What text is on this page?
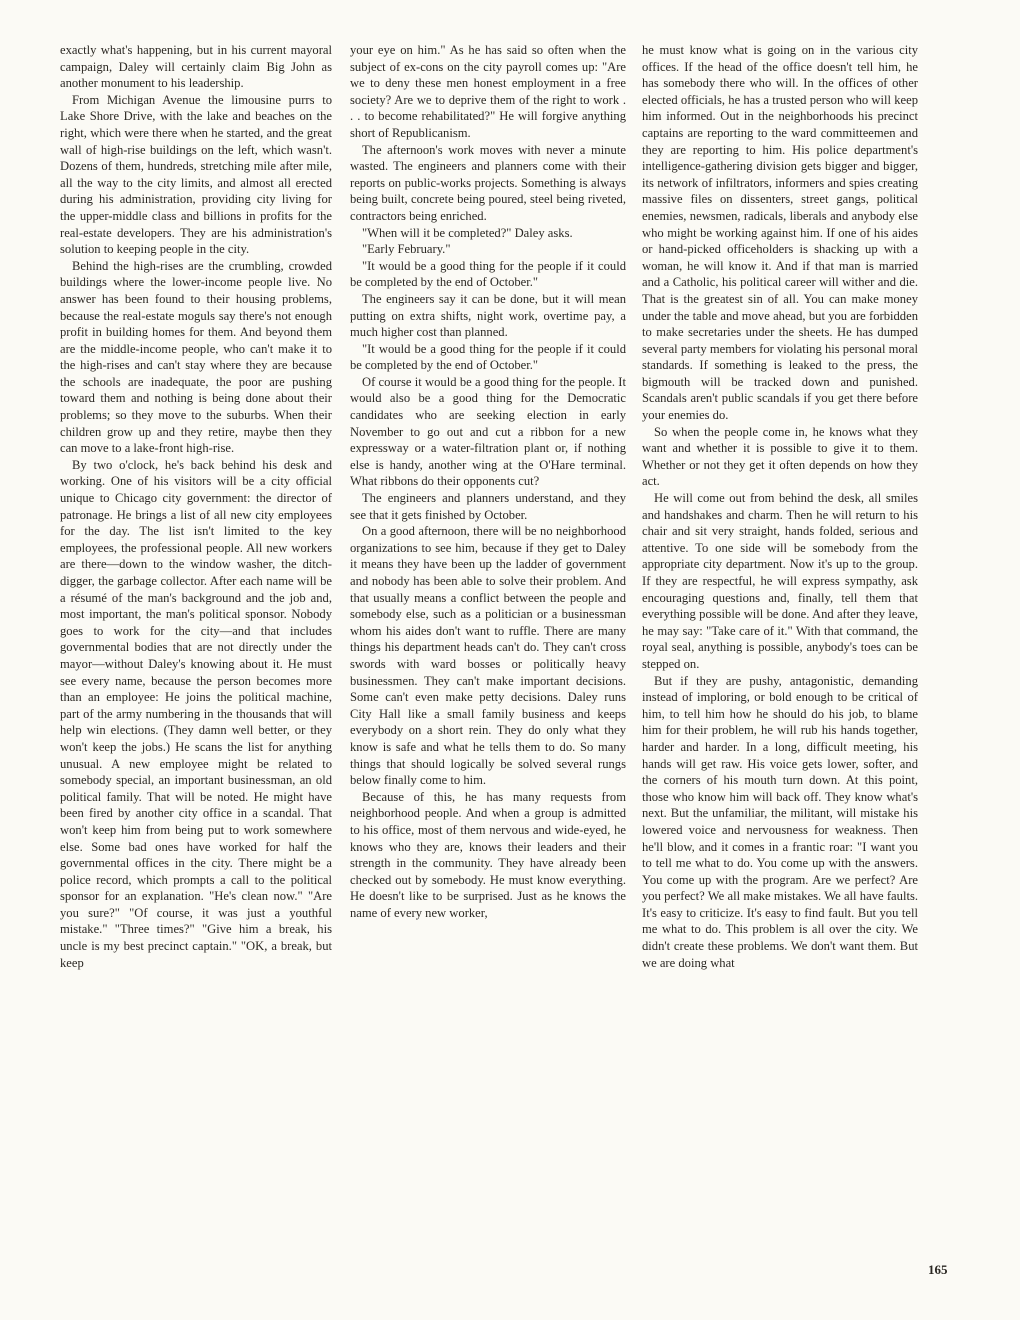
exactly what's happening, but in his current mayoral campaign, Daley will certainly claim Big John as another monument to his leadership.

From Michigan Avenue the limousine purrs to Lake Shore Drive, with the lake and beaches on the right, which were there when he started, and the great wall of high-rise buildings on the left, which wasn't. Dozens of them, hundreds, stretching mile after mile, all the way to the city limits, and almost all erected during his administration, providing city living for the upper-middle class and billions in profits for the real-estate developers. They are his administration's solution to keeping people in the city.

Behind the high-rises are the crumbling, crowded buildings where the lower-income people live. No answer has been found to their housing problems, because the real-estate moguls say there's not enough profit in building homes for them. And beyond them are the middle-income people, who can't make it to the high-rises and can't stay where they are because the schools are inadequate, the poor are pushing toward them and nothing is being done about their problems; so they move to the suburbs. When their children grow up and they retire, maybe then they can move to a lake-front high-rise.

By two o'clock, he's back behind his desk and working. One of his visitors will be a city official unique to Chicago city government: the director of patronage. He brings a list of all new city employees for the day. The list isn't limited to the key employees, the professional people. All new workers are there—down to the window washer, the ditch-digger, the garbage collector. After each name will be a résumé of the man's background and the job and, most important, the man's political sponsor. Nobody goes to work for the city—and that includes governmental bodies that are not directly under the mayor—without Daley's knowing about it. He must see every name, because the person becomes more than an employee: He joins the political machine, part of the army numbering in the thousands that will help win elections. (They damn well better, or they won't keep the jobs.) He scans the list for anything unusual. A new employee might be related to somebody special, an important businessman, an old political family. That will be noted. He might have been fired by another city office in a scandal. That won't keep him from being put to work somewhere else. Some bad ones have worked for half the governmental offices in the city. There might be a police record, which prompts a call to the political sponsor for an explanation. "He's clean now." "Are you sure?" "Of course, it was just a youthful mistake." "Three times?" "Give him a break, his uncle is my best precinct captain." "OK, a break, but keep

your eye on him." As he has said so often when the subject of ex-cons on the city payroll comes up: "Are we to deny these men honest employment in a free society? Are we to deprive them of the right to work . . . to become rehabilitated?" He will forgive anything short of Republicanism.

The afternoon's work moves with never a minute wasted. The engineers and planners come with their reports on public-works projects. Something is always being built, concrete being poured, steel being riveted, contractors being enriched.

"When will it be completed?" Daley asks.

"Early February."

"It would be a good thing for the people if it could be completed by the end of October."

The engineers say it can be done, but it will mean putting on extra shifts, night work, overtime pay, a much higher cost than planned.

"It would be a good thing for the people if it could be completed by the end of October."

Of course it would be a good thing for the people. It would also be a good thing for the Democratic candidates who are seeking election in early November to go out and cut a ribbon for a new expressway or a water-filtration plant or, if nothing else is handy, another wing at the O'Hare terminal. What ribbons do their opponents cut?

The engineers and planners understand, and they see that it gets finished by October.

On a good afternoon, there will be no neighborhood organizations to see him, because if they get to Daley it means they have been up the ladder of government and nobody has been able to solve their problem. And that usually means a conflict between the people and somebody else, such as a politician or a businessman whom his aides don't want to ruffle. There are many things his department heads can't do. They can't cross swords with ward bosses or politically heavy businessmen. They can't make important decisions. Some can't even make petty decisions. Daley runs City Hall like a small family business and keeps everybody on a short rein. They do only what they know is safe and what he tells them to do. So many things that should logically be solved several rungs below finally come to him.

Because of this, he has many requests from neighborhood people. And when a group is admitted to his office, most of them nervous and wide-eyed, he knows who they are, knows their leaders and their strength in the community. They have already been checked out by somebody. He must know everything. He doesn't like to be surprised. Just as he knows the name of every new worker,

he must know what is going on in the various city offices. If the head of the office doesn't tell him, he has somebody there who will. In the offices of other elected officials, he has a trusted person who will keep him informed. Out in the neighborhoods his precinct captains are reporting to the ward committeemen and they are reporting to him. His police department's intelligence-gathering division gets bigger and bigger, its network of infiltrators, informers and spies creating massive files on dissenters, street gangs, political enemies, newsmen, radicals, liberals and anybody else who might be working against him. If one of his aides or hand-picked officeholders is shacking up with a woman, he will know it. And if that man is married and a Catholic, his political career will wither and die. That is the greatest sin of all. You can make money under the table and move ahead, but you are forbidden to make secretaries under the sheets. He has dumped several party members for violating his personal moral standards. If something is leaked to the press, the bigmouth will be tracked down and punished. Scandals aren't public scandals if you get there before your enemies do.

So when the people come in, he knows what they want and whether it is possible to give it to them. Whether or not they get it often depends on how they act.

He will come out from behind the desk, all smiles and handshakes and charm. Then he will return to his chair and sit very straight, hands folded, serious and attentive. To one side will be somebody from the appropriate city department. Now it's up to the group. If they are respectful, he will express sympathy, ask encouraging questions and, finally, tell them that everything possible will be done. And after they leave, he may say: "Take care of it." With that command, the royal seal, anything is possible, anybody's toes can be stepped on.

But if they are pushy, antagonistic, demanding instead of imploring, or bold enough to be critical of him, to tell him how he should do his job, to blame him for their problem, he will rub his hands together, harder and harder. In a long, difficult meeting, his hands will get raw. His voice gets lower, softer, and the corners of his mouth turn down. At this point, those who know him will back off. They know what's next. But the unfamiliar, the militant, will mistake his lowered voice and nervousness for weakness. Then he'll blow, and it comes in a frantic roar: "I want you to tell me what to do. You come up with the answers. You come up with the program. Are we perfect? Are you perfect? We all make mistakes. We all have faults. It's easy to criticize. It's easy to find fault. But you tell me what to do. This problem is all over the city. We didn't create these problems. We don't want them. But we are doing what

165
